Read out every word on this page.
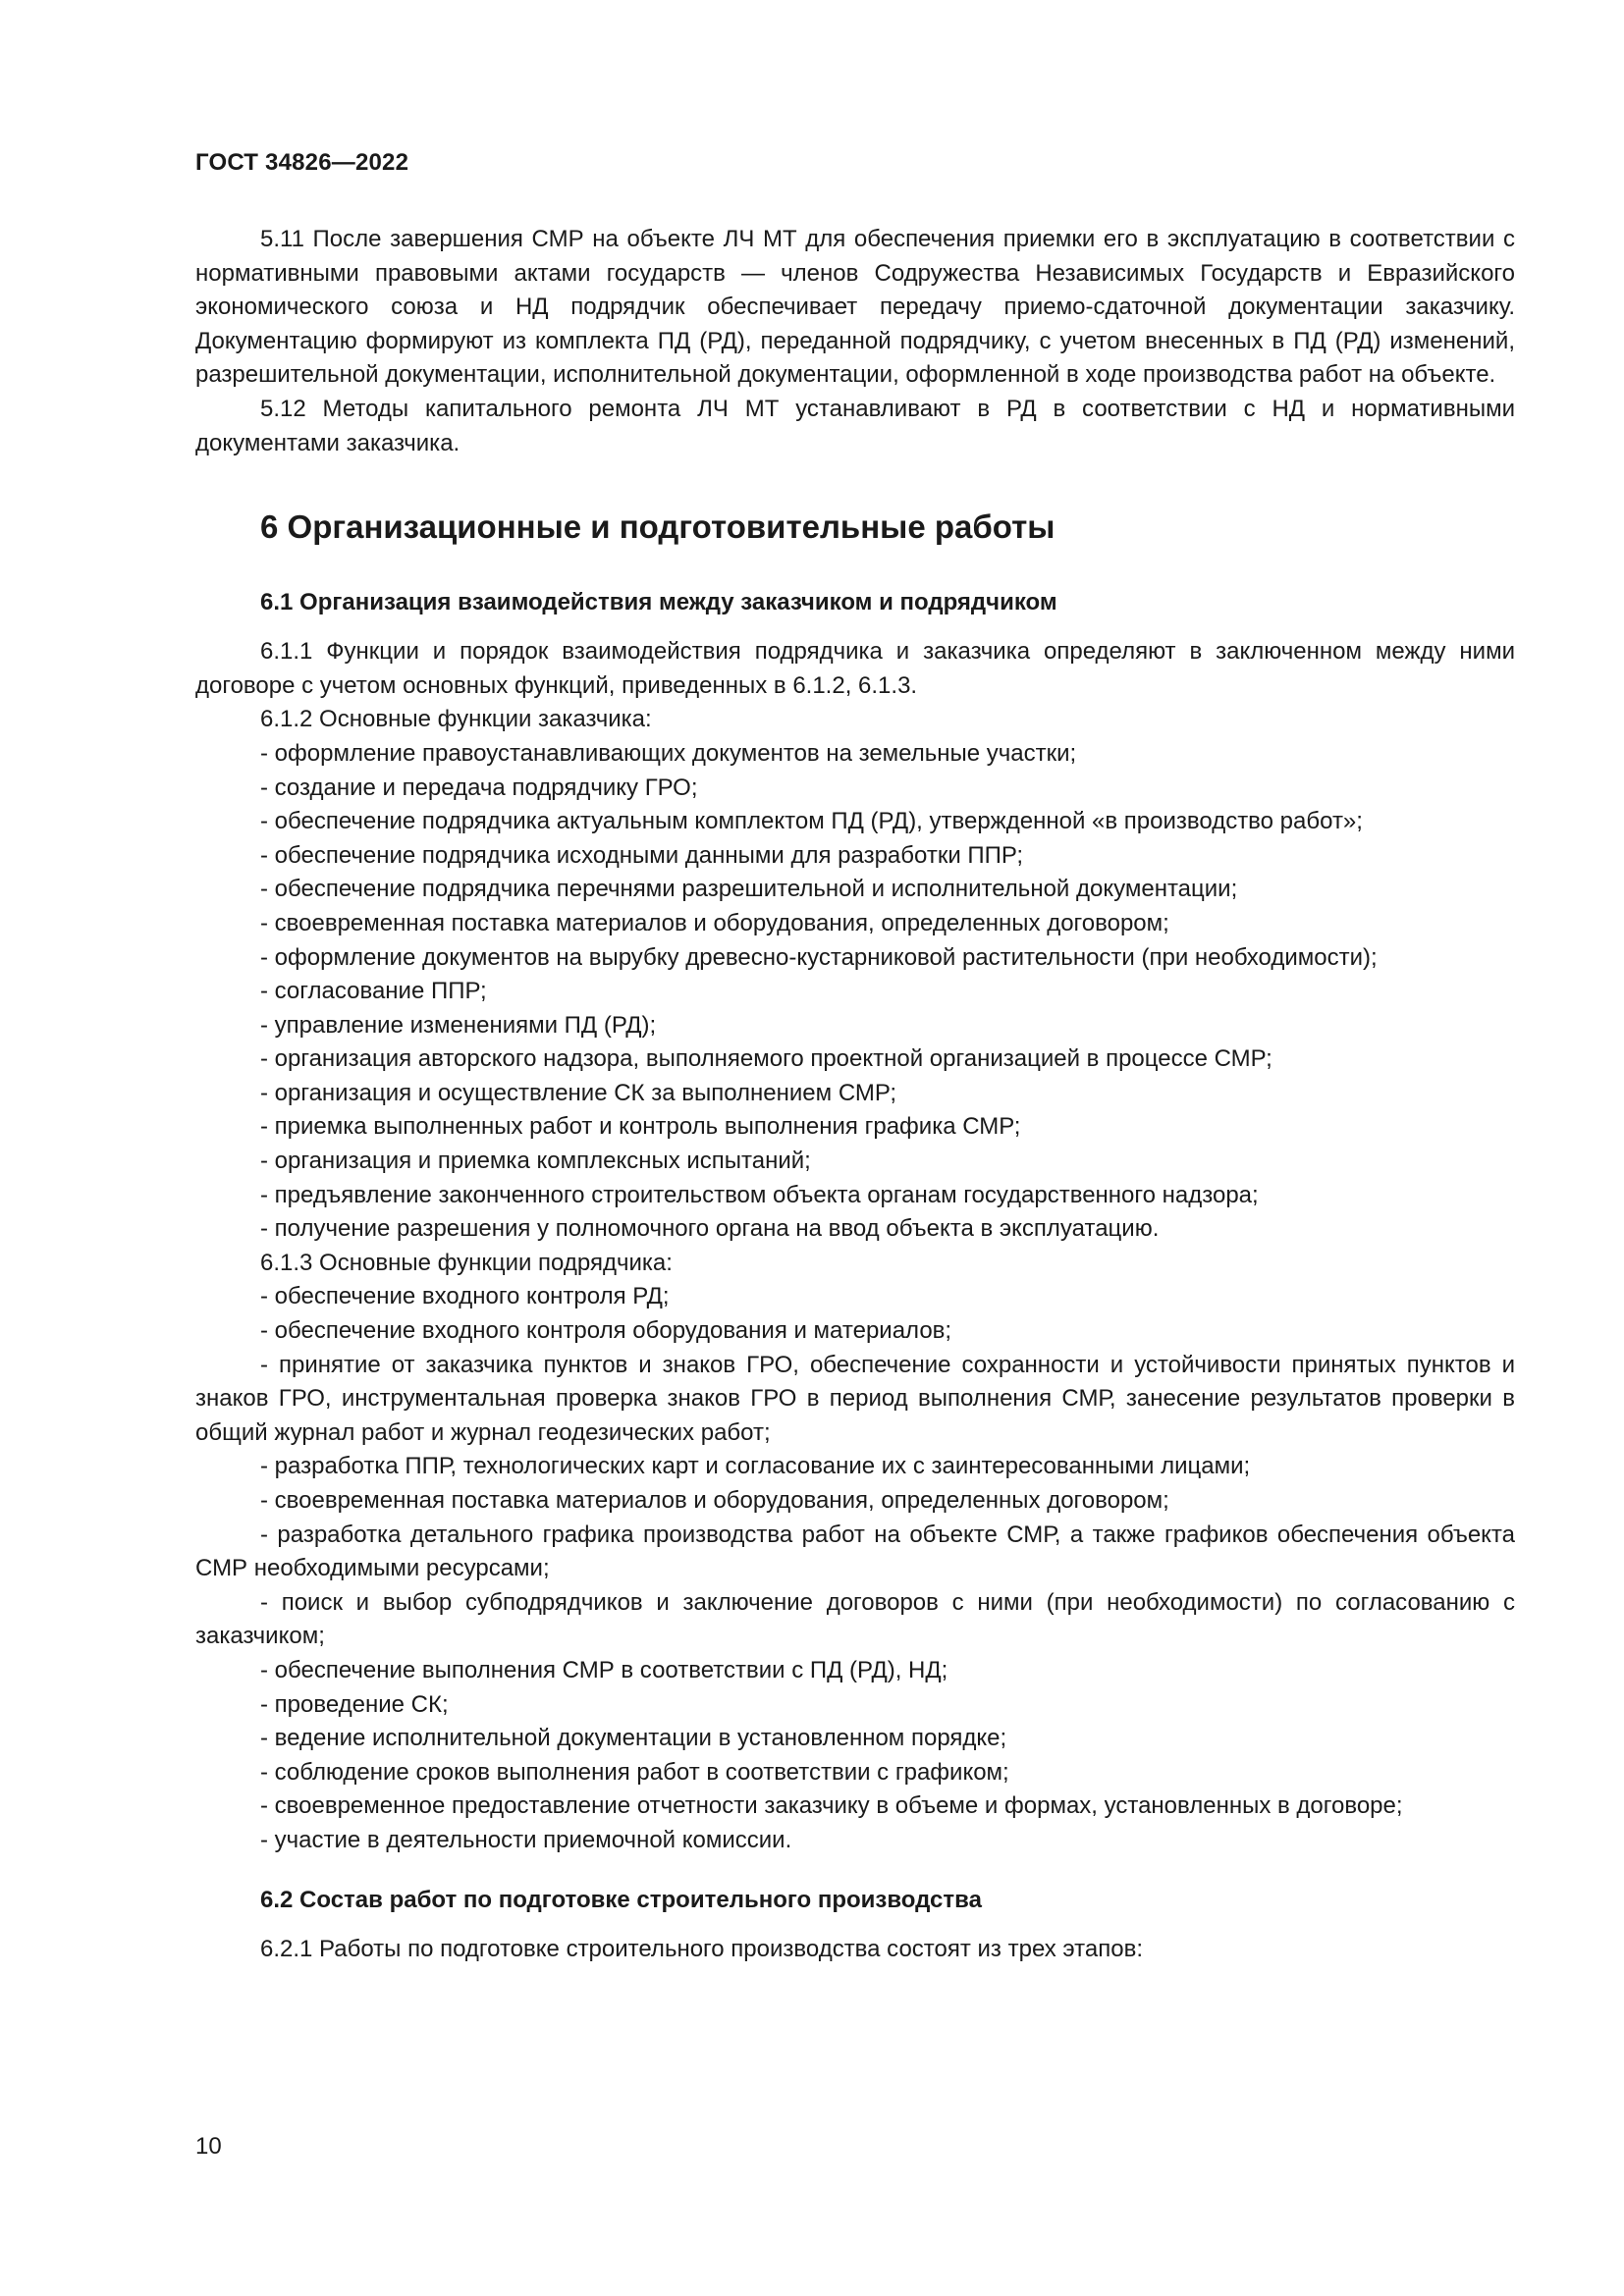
ГОСТ 34826—2022

5.11 После завершения СМР на объекте ЛЧ МТ для обеспечения приемки его в эксплуатацию в соответствии с нормативными правовыми актами государств — членов Содружества Независимых Государств и Евразийского экономического союза и НД подрядчик обеспечивает передачу приемо-сдаточной документации заказчику. Документацию формируют из комплекта ПД (РД), переданной подрядчику, с учетом внесенных в ПД (РД) изменений, разрешительной документации, исполнительной документации, оформленной в ходе производства работ на объекте.

5.12 Методы капитального ремонта ЛЧ МТ устанавливают в РД в соответствии с НД и нормативными документами заказчика.

6 Организационные и подготовительные работы
6.1 Организация взаимодействия между заказчиком и подрядчиком

6.1.1 Функции и порядок взаимодействия подрядчика и заказчика определяют в заключенном между ними договоре с учетом основных функций, приведенных в 6.1.2, 6.1.3.

6.1.2 Основные функции заказчика:

- оформление правоустанавливающих документов на земельные участки;

- создание и передача подрядчику ГРО;

- обеспечение подрядчика актуальным комплектом ПД (РД), утвержденной «в производство работ»;

- обеспечение подрядчика исходными данными для разработки ППР;

- обеспечение подрядчика перечнями разрешительной и исполнительной документации;

- своевременная поставка материалов и оборудования, определенных договором;

- оформление документов на вырубку древесно-кустарниковой растительности (при необходимости);

- согласование ППР;

- управление изменениями ПД (РД);

- организация авторского надзора, выполняемого проектной организацией в процессе СМР;

- организация и осуществление СК за выполнением СМР;

- приемка выполненных работ и контроль выполнения графика СМР;

- организация и приемка комплексных испытаний;

- предъявление законченного строительством объекта органам государственного надзора;

- получение разрешения у полномочного органа на ввод объекта в эксплуатацию.

6.1.3 Основные функции подрядчика:

- обеспечение входного контроля РД;

- обеспечение входного контроля оборудования и материалов;

- принятие от заказчика пунктов и знаков ГРО, обеспечение сохранности и устойчивости принятых пунктов и знаков ГРО, инструментальная проверка знаков ГРО в период выполнения СМР, занесение результатов проверки в общий журнал работ и журнал геодезических работ;

- разработка ППР, технологических карт и согласование их с заинтересованными лицами;

- своевременная поставка материалов и оборудования, определенных договором;

- разработка детального графика производства работ на объекте СМР, а также графиков обеспечения объекта СМР необходимыми ресурсами;

- поиск и выбор субподрядчиков и заключение договоров с ними (при необходимости) по согласованию с заказчиком;

- обеспечение выполнения СМР в соответствии с ПД (РД), НД;

- проведение СК;

- ведение исполнительной документации в установленном порядке;

- соблюдение сроков выполнения работ в соответствии с графиком;

- своевременное предоставление отчетности заказчику в объеме и формах, установленных в договоре;

- участие в деятельности приемочной комиссии.

6.2 Состав работ по подготовке строительного производства

6.2.1 Работы по подготовке строительного производства состоят из трех этапов:

10
